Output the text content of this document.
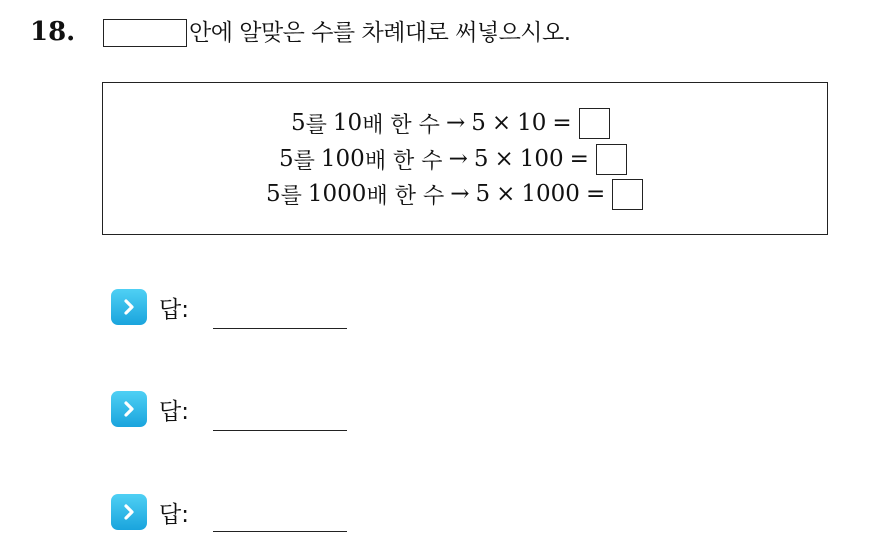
18.	안에 알맞은 수를 차례대로 써넣으시오.
5 를 10 배 한 수 → 5 × 10 =
5 를 100 배 한 수 → 5 × 100 =
5 를 1000 배 한 수 → 5 × 1000 =
답:
답:
답:
